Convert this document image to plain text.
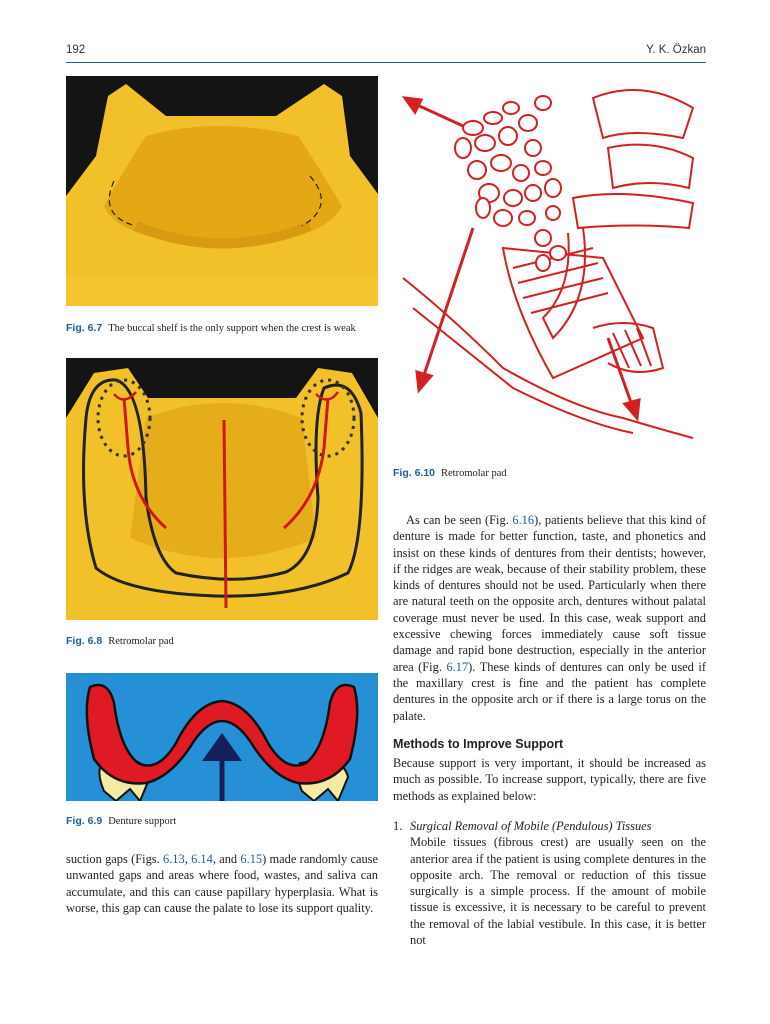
192	Y. K. Özkan
Fig. 6.7 The buccal shelf is the only support when the crest is weak
Fig. 6.8 Retromolar pad
Fig. 6.9 Denture support
Fig. 6.10 Retromolar pad

suction gaps (Figs. 6.13, 6.14, and 6.15) made randomly cause unwanted gaps and areas where food, wastes, and saliva can accumulate, and this can cause papillary hyperplasia. What is worse, this gap can cause the palate to lose its support quality.

As can be seen (Fig. 6.16), patients believe that this kind of denture is made for better function, taste, and phonetics and insist on these kinds of dentures from their dentists; however, if the ridges are weak, because of their stability problem, these kinds of dentures should not be used. Particularly when there are natural teeth on the opposite arch, dentures without palatal coverage must never be used. In this case, weak support and excessive chewing forces immediately cause soft tissue damage and rapid bone destruction, especially in the anterior area (Fig. 6.17). These kinds of dentures can only be used if the maxillary crest is fine and the patient has complete dentures in the opposite arch or if there is a large torus on the palate.

Methods to Improve Support

Because support is very important, it should be increased as much as possible. To increase support, typically, there are five methods as explained below:

1. Surgical Removal of Mobile (Pendulous) Tissues
Mobile tissues (fibrous crest) are usually seen on the anterior area if the patient is using complete dentures in the opposite arch. The removal or reduction of this tissue surgically is a simple process. If the amount of mobile tissue is excessive, it is necessary to be careful to prevent the removal of the labial vestibule. In this case, it is better not
